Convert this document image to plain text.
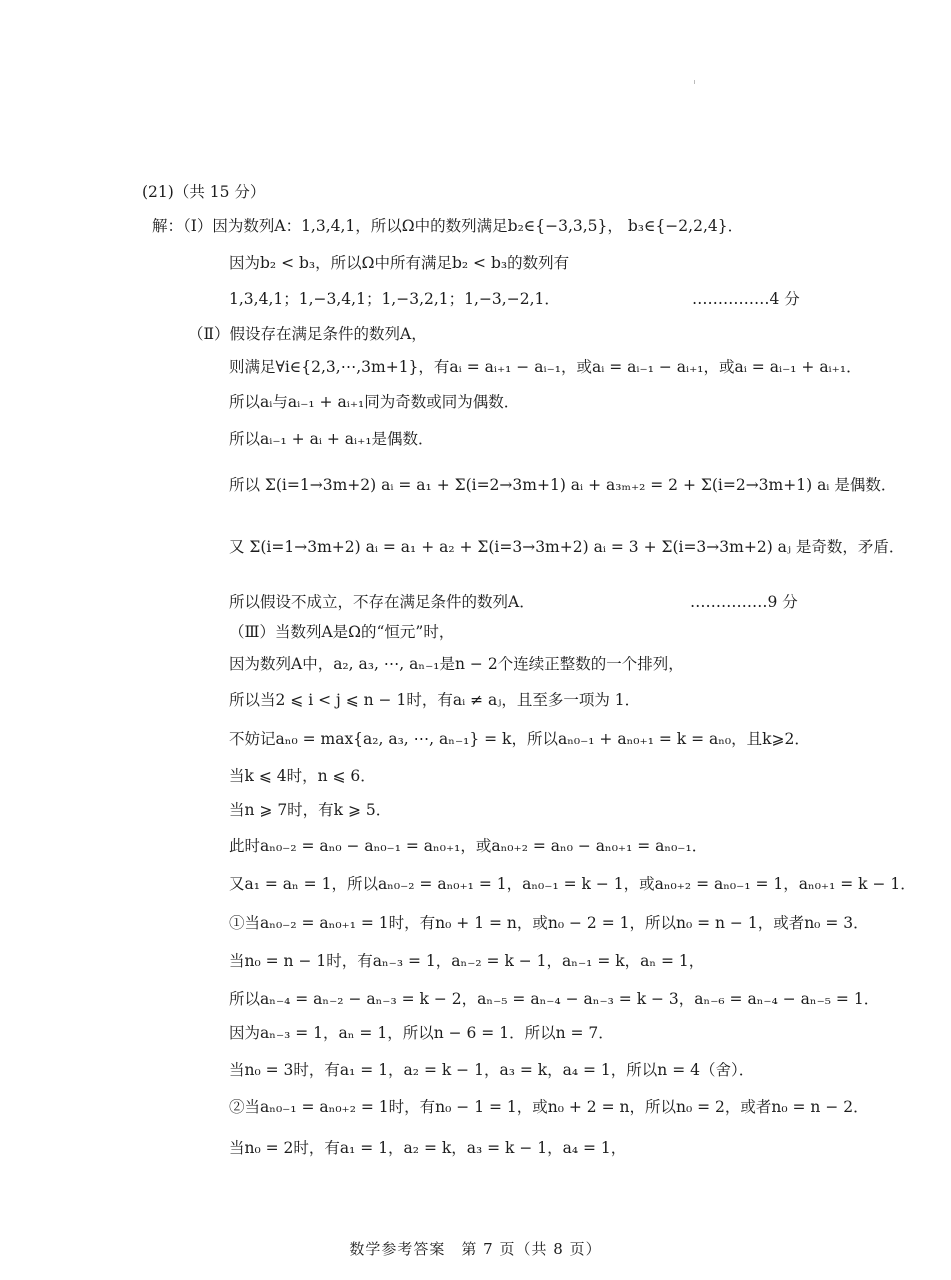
(21)（共 15 分）
解：（Ⅰ）因为数列A：1,3,4,1，所以Ω中的数列满足b₂∈{−3,3,5}， b₃∈{−2,2,4}．
因为b₂ < b₃，所以Ω中所有满足b₂ < b₃的数列有
1,3,4,1；1,−3,4,1；1,−3,2,1；1,−3,−2,1．	……………4 分
（Ⅱ）假设存在满足条件的数列A，
则满足∀i∈{2,3,⋯,3m+1}，有aᵢ = aᵢ₊₁ − aᵢ₋₁，或aᵢ = aᵢ₋₁ − aᵢ₊₁，或aᵢ = aᵢ₋₁ + aᵢ₊₁．
所以aᵢ与aᵢ₋₁ + aᵢ₊₁同为奇数或同为偶数．
所以aᵢ₋₁ + aᵢ + aᵢ₊₁是偶数．
所以 Σ(i=1→3m+2) aᵢ = a₁ + Σ(i=2→3m+1) aᵢ + a₃ₘ₊₂ = 2 + Σ(i=2→3m+1) aᵢ 是偶数．
又 Σ(i=1→3m+2) aᵢ = a₁ + a₂ + Σ(i=3→3m+2) aᵢ = 3 + Σ(i=3→3m+2) aⱼ 是奇数，矛盾．
所以假设不成立，不存在满足条件的数列A．	……………9 分
（Ⅲ）当数列A是Ω的“恒元”时，
因为数列A中，a₂, a₃, ⋯, aₙ₋₁是n − 2个连续正整数的一个排列，
所以当2 ⩽ i < j ⩽ n − 1时，有aᵢ ≠ aⱼ，且至多一项为 1．
不妨记aₙ₀ = max{a₂, a₃, ⋯, aₙ₋₁} = k，所以aₙ₀₋₁ + aₙ₀₊₁ = k = aₙ₀，且k⩾2．
当k ⩽ 4时，n ⩽ 6．
当n ⩾ 7时，有k ⩾ 5．
此时aₙ₀₋₂ = aₙ₀ − aₙ₀₋₁ = aₙ₀₊₁，或aₙ₀₊₂ = aₙ₀ − aₙ₀₊₁ = aₙ₀₋₁．
又a₁ = aₙ = 1，所以aₙ₀₋₂ = aₙ₀₊₁ = 1，aₙ₀₋₁ = k − 1，或aₙ₀₊₂ = aₙ₀₋₁ = 1，aₙ₀₊₁ = k − 1．
①当aₙ₀₋₂ = aₙ₀₊₁ = 1时，有n₀ + 1 = n，或n₀ − 2 = 1，所以n₀ = n − 1，或者n₀ = 3．
当n₀ = n − 1时，有aₙ₋₃ = 1，aₙ₋₂ = k − 1，aₙ₋₁ = k，aₙ = 1，
所以aₙ₋₄ = aₙ₋₂ − aₙ₋₃ = k − 2，aₙ₋₅ = aₙ₋₄ − aₙ₋₃ = k − 3，aₙ₋₆ = aₙ₋₄ − aₙ₋₅ = 1．
因为aₙ₋₃ = 1，aₙ = 1，所以n − 6 = 1．所以n = 7．
当n₀ = 3时，有a₁ = 1，a₂ = k − 1，a₃ = k，a₄ = 1，所以n = 4（舍）．
②当aₙ₀₋₁ = aₙ₀₊₂ = 1时，有n₀ − 1 = 1，或n₀ + 2 = n，所以n₀ = 2，或者n₀ = n − 2．
当n₀ = 2时，有a₁ = 1，a₂ = k，a₃ = k − 1，a₄ = 1，
数学参考答案　第 7 页（共 8 页）
